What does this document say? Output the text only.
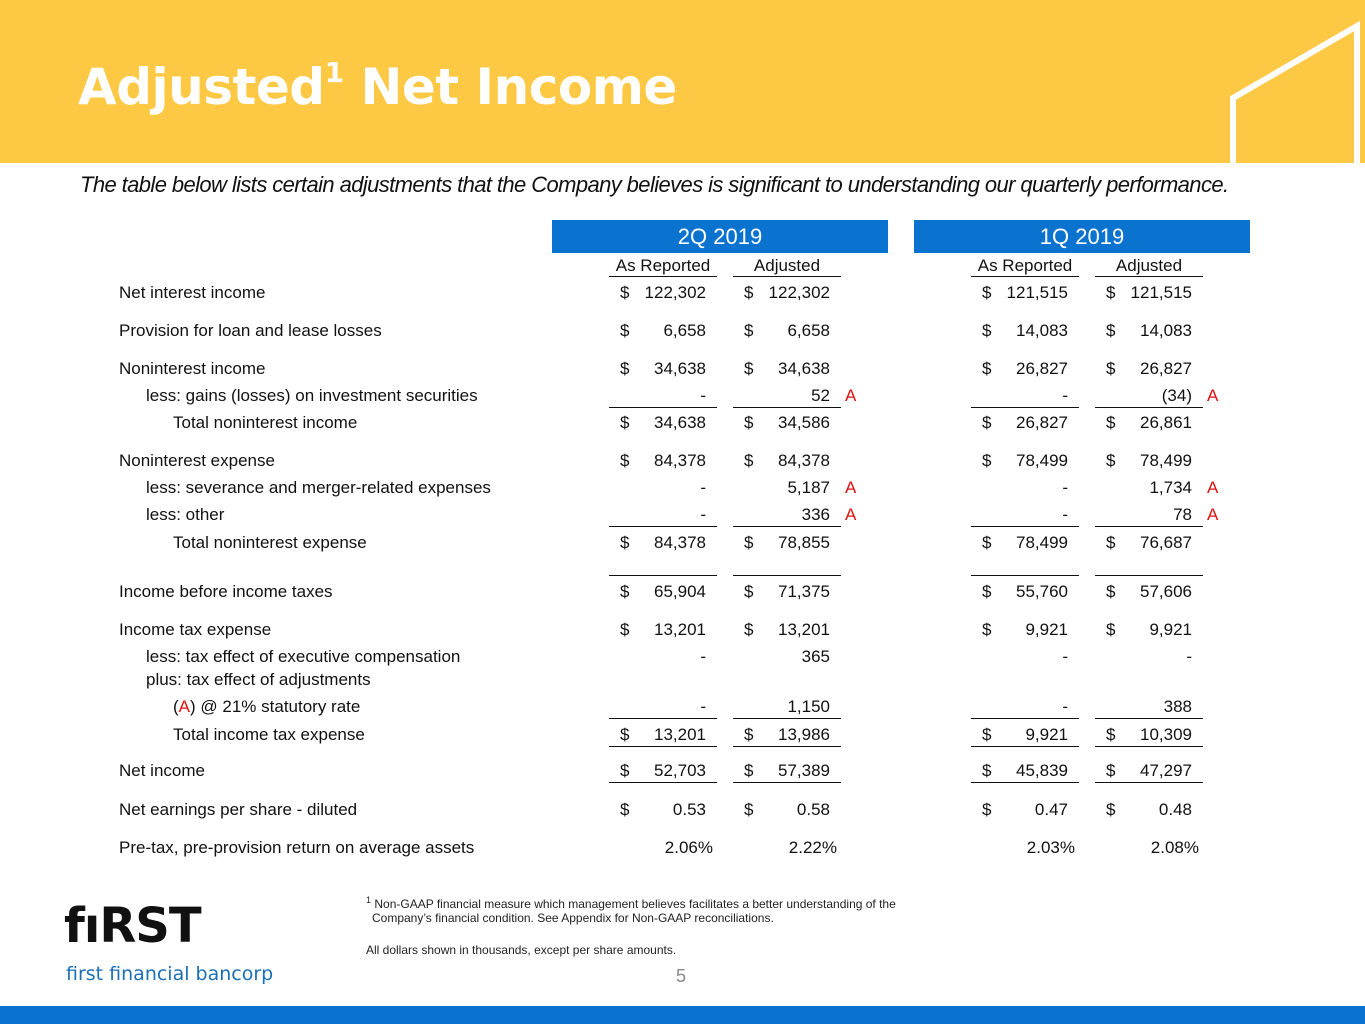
Adjusted$^1$ Net Income
The table below lists certain adjustments that the Company believes is significant to understanding our quarterly performance.
2Q 2019	1Q 2019
As Reported	Adjusted	As Reported	Adjusted
Net interest income	$ 122,302 $ 122,302	$ 121,515 $ 121,515
Provision for loan and lease losses	$ 6,658 $ 6,658	$ 14,083 $ 14,083
Noninterest income	$ 34,638 $ 34,638	$ 26,827 $ 26,827
less: gains (losses) on investment securities	-	52 A	-	(34) A
Total noninterest income	$ 34,638 $ 34,586	$ 26,827 $ 26,861
Noninterest expense	$ 84,378 $ 84,378	$ 78,499 $ 78,499
less: severance and merger-related expenses	-	5,187 A	-	1,734 A
less: other	-	336 A	-	78 A
Total noninterest expense	$ 84,378 $ 78,855	$ 78,499 $ 76,687
Income before income taxes	$ 65,904 $ 71,375	$ 55,760 $ 57,606
Income tax expense	$ 13,201 $ 13,201	$ 9,921 $ 9,921
less: tax effect of executive compensation	-	365	-	-
plus: tax effect of adjustments
(A) @ 21% statutory rate	-	1,150	-	388
Total income tax expense	$ 13,201 $ 13,986	$ 9,921 $ 10,309
Net income	$ 52,703 $ 57,389	$ 45,839 $ 47,297
Net earnings per share - diluted	$	0.53 $	0.58	$	0.47 $	0.48
Pre-tax, pre-provision return on average assets	2.06%	2.22%	2.03%	2.08%
fıRST
first financial bancorp
$^1$ Non-GAAP financial measure which management believes facilitates a better understanding of the
Company’s financial condition. See Appendix for Non-GAAP reconciliations.
All dollars shown in thousands, except per share amounts.
5
